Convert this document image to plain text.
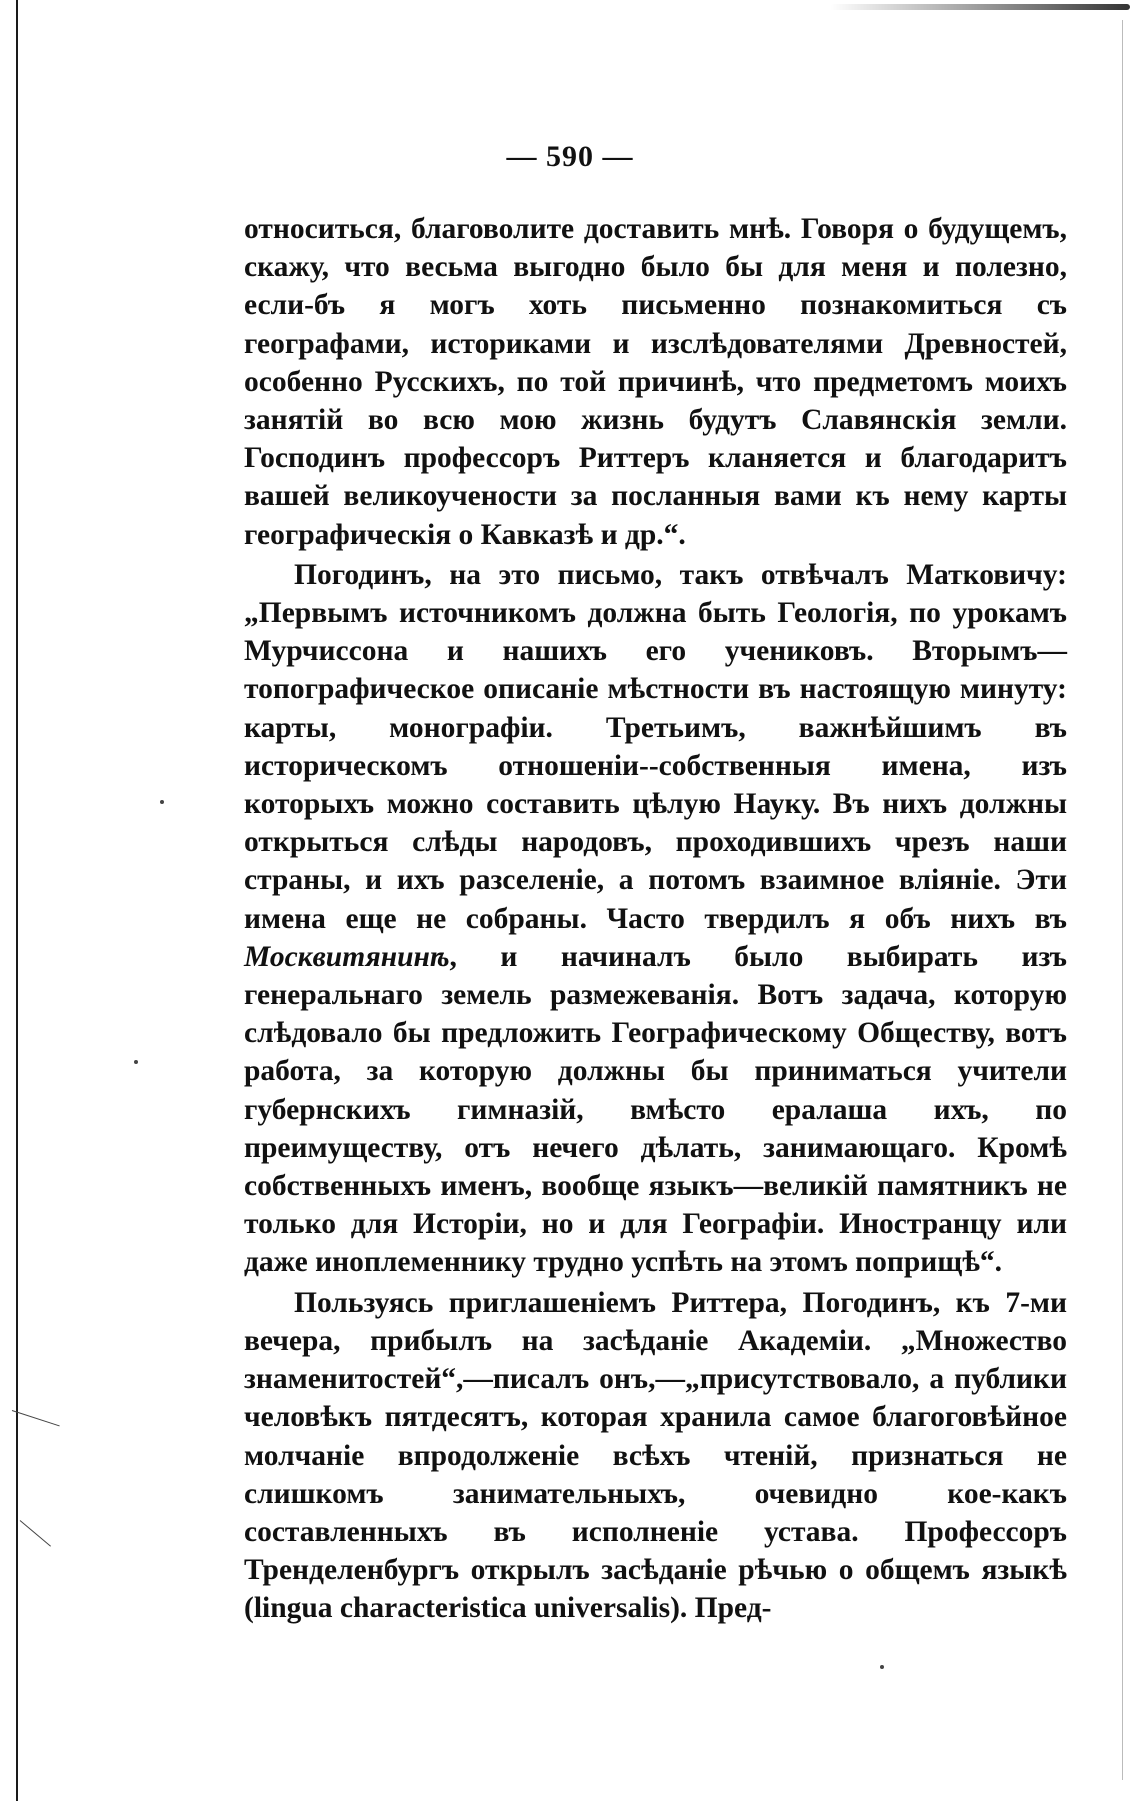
— 590 —

относиться, благоволите доставить мнѣ. Говоря о будущемъ, скажу, что весьма выгодно было бы для меня и полезно, если-бъ я могъ хоть письменно познакомиться съ географами, историками и изслѣдователями Древностей, особенно Русскихъ, по той причинѣ, что предметомъ моихъ занятій во всю мою жизнь будутъ Славянскія земли. Господинъ профессоръ Риттеръ кланяется и благодаритъ вашей великоучености за посланныя вами къ нему карты географическія о Кавказѣ и др.“.

Погодинъ, на это письмо, такъ отвѣчалъ Матковичу: „Первымъ источникомъ должна быть Геологія, по урокамъ Мурчиссона и нашихъ его учениковъ. Вторымъ—топографическое описаніе мѣстности въ настоящую минуту: карты, монографіи. Третьимъ, важнѣйшимъ въ историческомъ отношеніи--собственныя имена, изъ которыхъ можно составить цѣлую Науку. Въ нихъ должны открыться слѣды народовъ, проходившихъ чрезъ наши страны, и ихъ разселеніе, а потомъ взаимное вліяніе. Эти имена еще не собраны. Часто твердилъ я объ нихъ въ Москвитянинѣ, и начиналъ было выбирать изъ генеральнаго земель размежеванія. Вотъ задача, которую слѣдовало бы предложить Географическому Обществу, вотъ работа, за которую должны бы приниматься учители губернскихъ гимназій, вмѣсто ералаша ихъ, по преимуществу, отъ нечего дѣлать, занимающаго. Кромѣ собственныхъ именъ, вообще языкъ—великій памятникъ не только для Исторіи, но и для Географіи. Иностранцу или даже иноплеменнику трудно успѣть на этомъ поприщѣ“.

Пользуясь приглашеніемъ Риттера, Погодинъ, къ 7-ми вечера, прибылъ на засѣданіе Академіи. „Множество знаменитостей“,—писалъ онъ,—„присутствовало, а публики человѣкъ пятдесятъ, которая хранила самое благоговѣйное молчаніе впродолженіе всѣхъ чтеній, признаться не слишкомъ занимательныхъ, очевидно кое-какъ составленныхъ въ исполненіе устава. Профессоръ Тренделенбургъ открылъ засѣданіе рѣчью о общемъ языкѣ (lingua characteristica universalis). Пред-
